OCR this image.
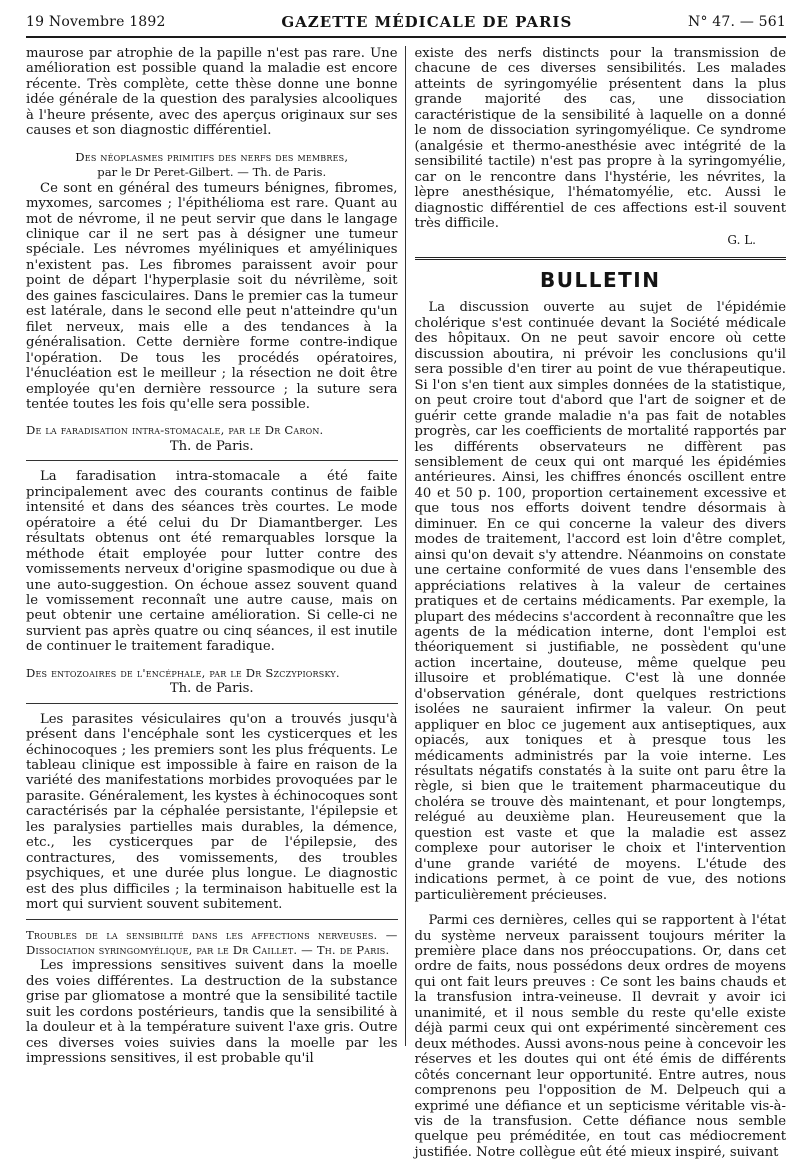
19 Novembre 1892	GAZETTE MÉDICALE DE PARIS	N° 47. — 561

maurose par atrophie de la papille n'est pas rare. Une amélioration est possible quand la maladie est encore récente. Très complète, cette thèse donne une bonne idée générale de la question des paralysies alcooliques à l'heure présente, avec des aperçus originaux sur ses causes et son diagnostic différentiel.

Des néoplasmes primitifs des nerfs des membres,
par le Dr Peret-Gilbert. — Th. de Paris.

Ce sont en général des tumeurs bénignes, fibromes, myxomes, sarcomes ; l'épithélioma est rare. Quant au mot de névrome, il ne peut servir que dans le langage clinique car il ne sert pas à désigner une tumeur spéciale. Les névromes myéliniques et amyéliniques n'existent pas. Les fibromes paraissent avoir pour point de départ l'hyperplasie soit du névrilème, soit des gaines fasciculaires. Dans le premier cas la tumeur est latérale, dans le second elle peut n'atteindre qu'un filet nerveux, mais elle a des tendances à la généralisation. Cette dernière forme contre-indique l'opération. De tous les procédés opératoires, l'énucléation est le meilleur ; la résection ne doit être employée qu'en dernière ressource ; la suture sera tentée toutes les fois qu'elle sera possible.

De la faradisation intra-stomacale, par le Dr Caron.
Th. de Paris.

La faradisation intra-stomacale a été faite principalement avec des courants continus de faible intensité et dans des séances très courtes. Le mode opératoire a été celui du Dr Diamantberger. Les résultats obtenus ont été remarquables lorsque la méthode était employée pour lutter contre des vomissements nerveux d'origine spasmodique ou due à une auto-suggestion. On échoue assez souvent quand le vomissement reconnaît une autre cause, mais on peut obtenir une certaine amélioration. Si celle-ci ne survient pas après quatre ou cinq séances, il est inutile de continuer le traitement faradique.

Des entozoaires de l'encéphale, par le Dr Szczypiorsky.
Th. de Paris.

Les parasites vésiculaires qu'on a trouvés jusqu'à présent dans l'encéphale sont les cysticerques et les échinocoques ; les premiers sont les plus fréquents. Le tableau clinique est impossible à faire en raison de la variété des manifestations morbides provoquées par le parasite. Généralement, les kystes à échinocoques sont caractérisés par la céphalée persistante, l'épilepsie et les paralysies partielles mais durables, la démence, etc., les cysticerques par de l'épilepsie, des contractures, des vomissements, des troubles psychiques, et une durée plus longue. Le diagnostic est des plus difficiles ; la terminaison habituelle est la mort qui survient souvent subitement.

Troubles de la sensibilité dans les affections nerveuses. — Dissociation syringomyélique, par le Dr Caillet. — Th. de Paris.

Les impressions sensitives suivent dans la moelle des voies différentes. La destruction de la substance grise par gliomatose a montré que la sensibilité tactile suit les cordons postérieurs, tandis que la sensibilité à la douleur et à la température suivent l'axe gris. Outre ces diverses voies suivies dans la moelle par les impressions sensitives, il est probable qu'il

existe des nerfs distincts pour la transmission de chacune de ces diverses sensibilités. Les malades atteints de syringomyélie présentent dans la plus grande majorité des cas, une dissociation caractéristique de la sensibilité à laquelle on a donné le nom de dissociation syringomyélique. Ce syndrome (analgésie et thermo-anesthésie avec intégrité de la sensibilité tactile) n'est pas propre à la syringomyélie, car on le rencontre dans l'hystérie, les névrites, la lèpre anesthésique, l'hématomyélie, etc. Aussi le diagnostic différentiel de ces affections est-il souvent très difficile.

G. L.
BULLETIN

La discussion ouverte au sujet de l'épidémie cholérique s'est continuée devant la Société médicale des hôpitaux. On ne peut savoir encore où cette discussion aboutira, ni prévoir les conclusions qu'il sera possible d'en tirer au point de vue thérapeutique. Si l'on s'en tient aux simples données de la statistique, on peut croire tout d'abord que l'art de soigner et de guérir cette grande maladie n'a pas fait de notables progrès, car les coefficients de mortalité rapportés par les différents observateurs ne diffèrent pas sensiblement de ceux qui ont marqué les épidémies antérieures. Ainsi, les chiffres énoncés oscillent entre 40 et 50 p. 100, proportion certainement excessive et que tous nos efforts doivent tendre désormais à diminuer. En ce qui concerne la valeur des divers modes de traitement, l'accord est loin d'être complet, ainsi qu'on devait s'y attendre. Néanmoins on constate une certaine conformité de vues dans l'ensemble des appréciations relatives à la valeur de certaines pratiques et de certains médicaments. Par exemple, la plupart des médecins s'accordent à reconnaître que les agents de la médication interne, dont l'emploi est théoriquement si justifiable, ne possèdent qu'une action incertaine, douteuse, même quelque peu illusoire et problématique. C'est là une donnée d'observation générale, dont quelques restrictions isolées ne sauraient infirmer la valeur. On peut appliquer en bloc ce jugement aux antiseptiques, aux opiacés, aux toniques et à presque tous les médicaments administrés par la voie interne. Les résultats négatifs constatés à la suite ont paru être la règle, si bien que le traitement pharmaceutique du choléra se trouve dès maintenant, et pour longtemps, relégué au deuxième plan. Heureusement que la question est vaste et que la maladie est assez complexe pour autoriser le choix et l'intervention d'une grande variété de moyens. L'étude des indications permet, à ce point de vue, des notions particulièrement précieuses.

Parmi ces dernières, celles qui se rapportent à l'état du système nerveux paraissent toujours mériter la première place dans nos préoccupations. Or, dans cet ordre de faits, nous possédons deux ordres de moyens qui ont fait leurs preuves : Ce sont les bains chauds et la transfusion intra-veineuse. Il devrait y avoir ici unanimité, et il nous semble du reste qu'elle existe déjà parmi ceux qui ont expérimenté sincèrement ces deux méthodes. Aussi avons-nous peine à concevoir les réserves et les doutes qui ont été émis de différents côtés concernant leur opportunité. Entre autres, nous comprenons peu l'opposition de M. Delpeuch qui a exprimé une défiance et un septicisme véritable vis-à-vis de la transfusion. Cette défiance nous semble quelque peu préméditée, en tout cas médiocrement justifiée. Notre collègue eût été mieux inspiré, suivant
